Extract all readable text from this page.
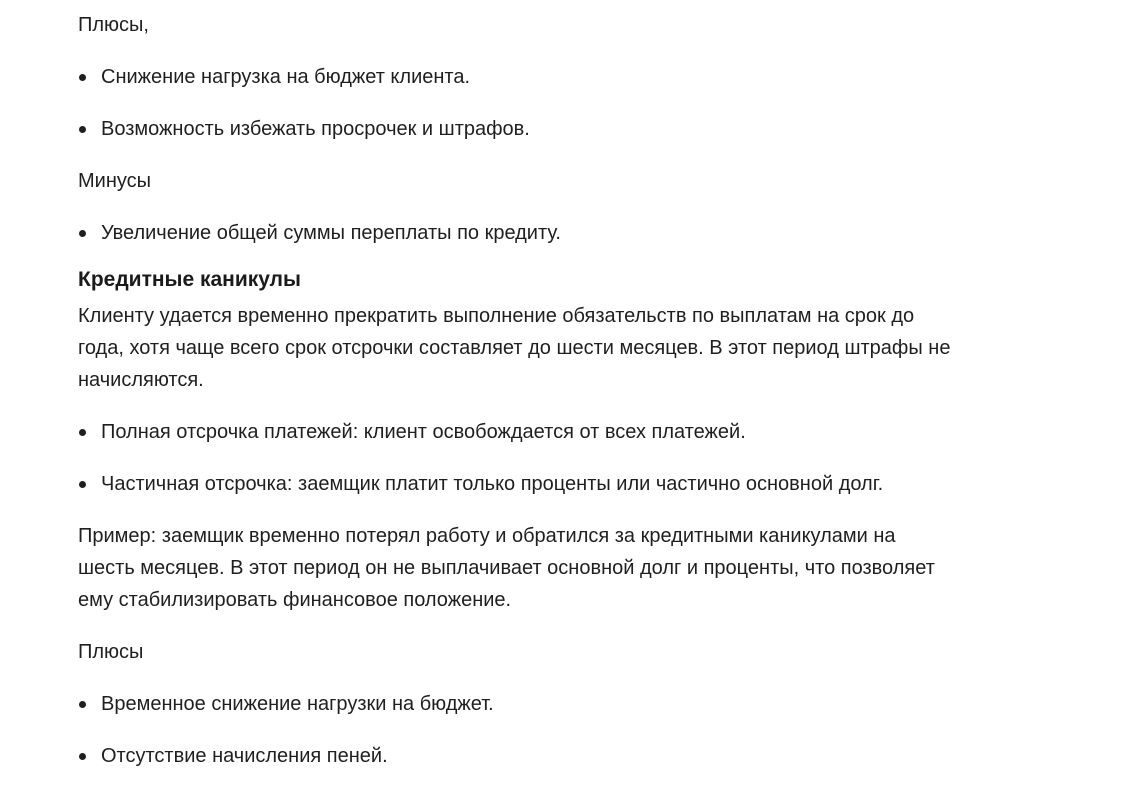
Плюсы,

Снижение нагрузка на бюджет клиента.
Возможность избежать просрочек и штрафов.

Минусы

Увеличение общей суммы переплаты по кредиту.
Кредитные каникулы

Клиенту удается временно прекратить выполнение обязательств по выплатам на срок до
года, хотя чаще всего срок отсрочки составляет до шести месяцев. В этот период штрафы не
начисляются.

Полная отсрочка платежей: клиент освобождается от всех платежей.
Частичная отсрочка: заемщик платит только проценты или частично основной долг.

Пример: заемщик временно потерял работу и обратился за кредитными каникулами на
шесть месяцев. В этот период он не выплачивает основной долг и проценты, что позволяет
ему стабилизировать финансовое положение.

Плюсы

Временное снижение нагрузки на бюджет.
Отсутствие начисления пеней.
